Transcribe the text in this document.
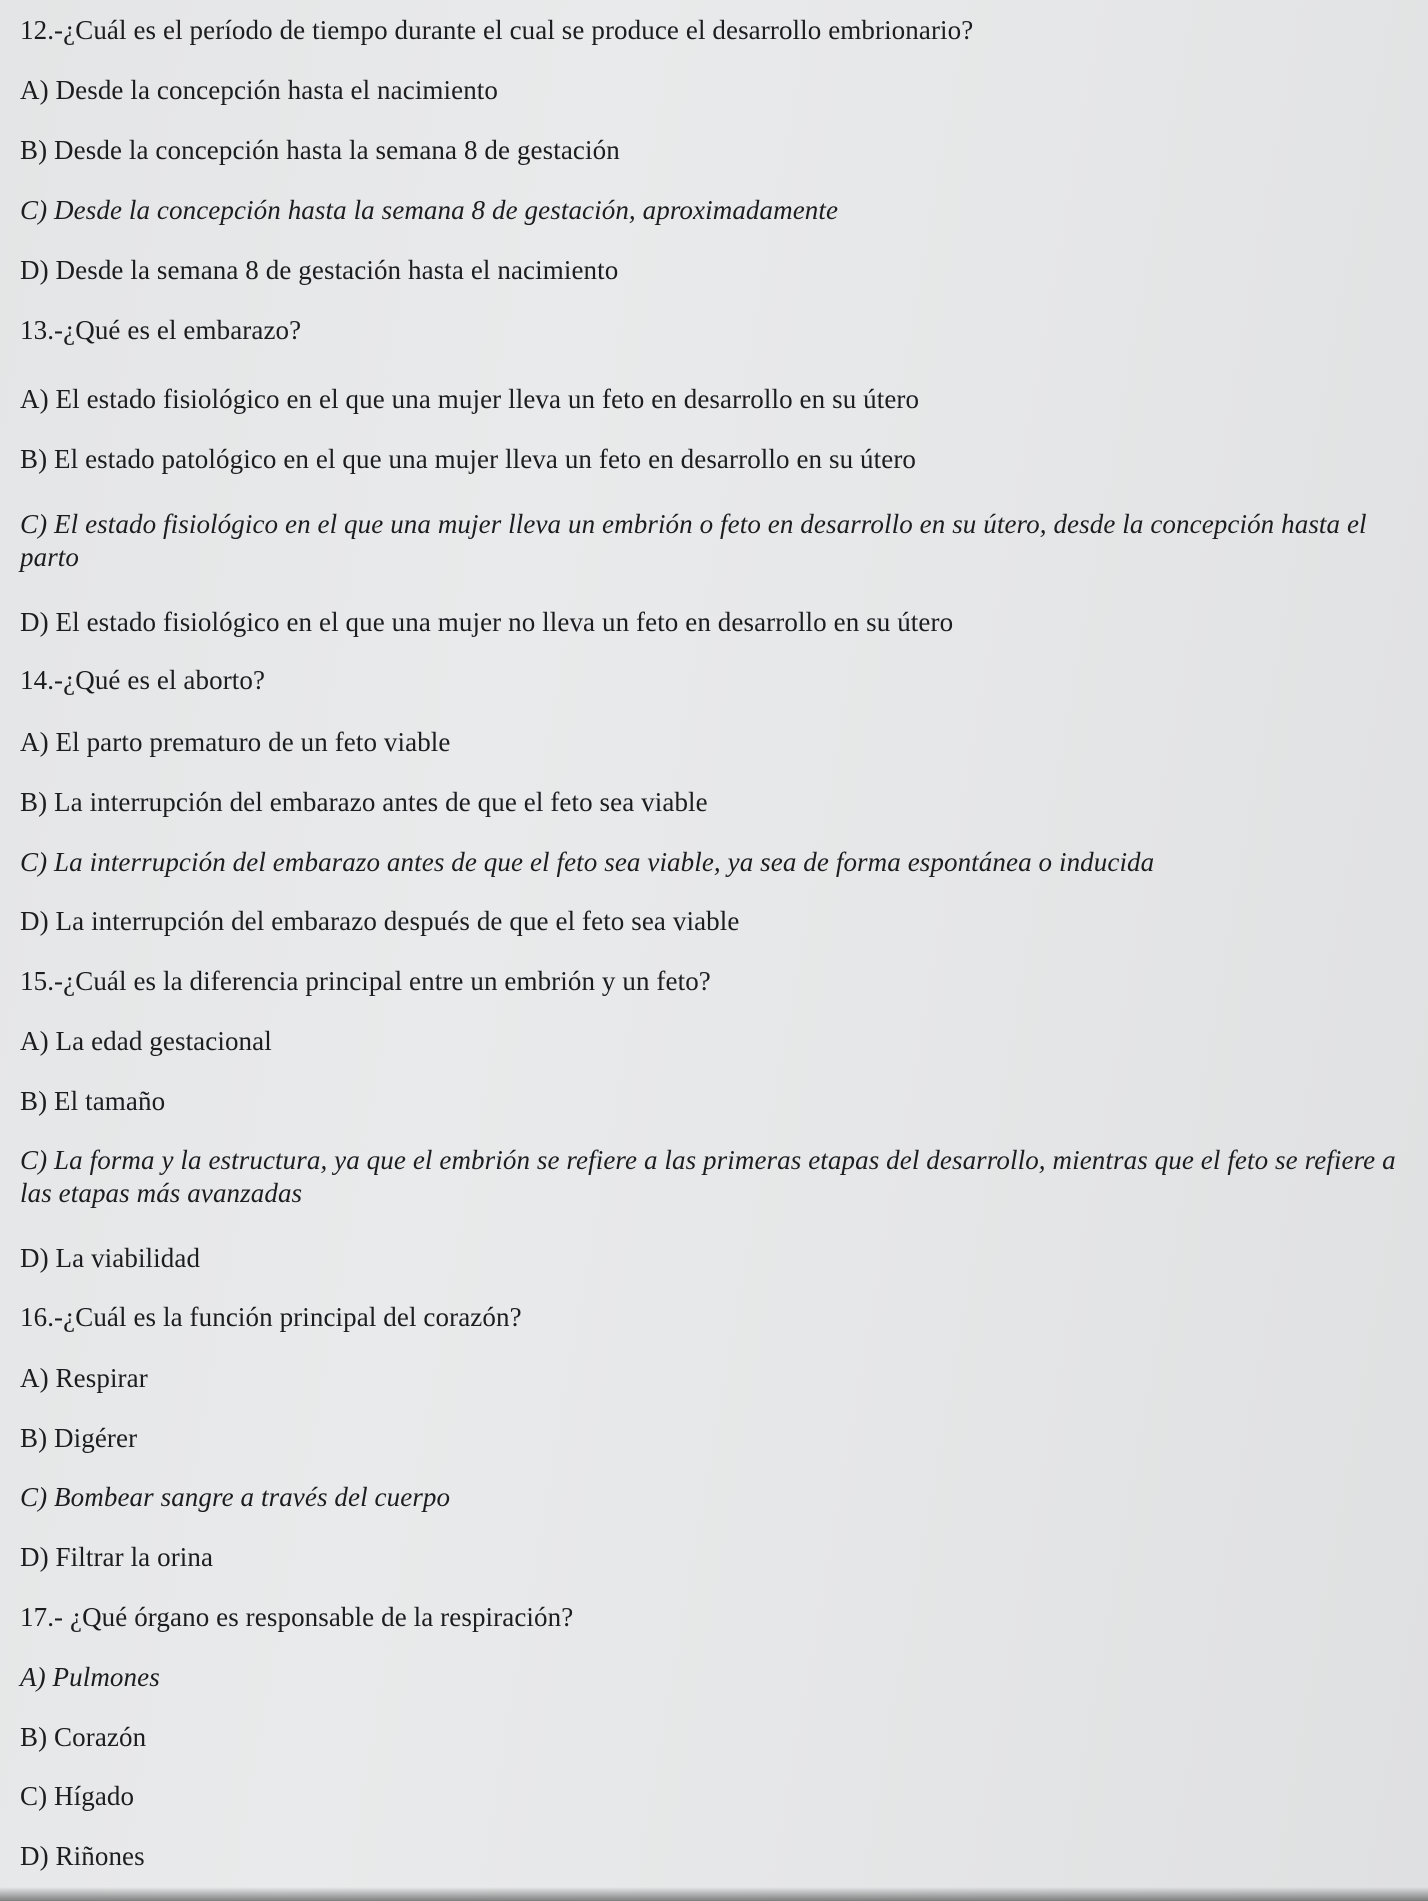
12.-¿Cuál es el período de tiempo durante el cual se produce el desarrollo embrionario?
A) Desde la concepción hasta el nacimiento
B) Desde la concepción hasta la semana 8 de gestación
C) Desde la concepción hasta la semana 8 de gestación, aproximadamente
D) Desde la semana 8 de gestación hasta el nacimiento
13.-¿Qué es el embarazo?
A) El estado fisiológico en el que una mujer lleva un feto en desarrollo en su útero
B) El estado patológico en el que una mujer lleva un feto en desarrollo en su útero
C) El estado fisiológico en el que una mujer lleva un embrión o feto en desarrollo en su útero, desde la concepción hasta el parto
D) El estado fisiológico en el que una mujer no lleva un feto en desarrollo en su útero
14.-¿Qué es el aborto?
A) El parto prematuro de un feto viable
B) La interrupción del embarazo antes de que el feto sea viable
C) La interrupción del embarazo antes de que el feto sea viable, ya sea de forma espontánea o inducida
D) La interrupción del embarazo después de que el feto sea viable
15.-¿Cuál es la diferencia principal entre un embrión y un feto?
A) La edad gestacional
B) El tamaño
C) La forma y la estructura, ya que el embrión se refiere a las primeras etapas del desarrollo, mientras que el feto se refiere a las etapas más avanzadas
D) La viabilidad
16.-¿Cuál es la función principal del corazón?
A) Respirar
B) Digérer
C) Bombear sangre a través del cuerpo
D) Filtrar la orina
17.- ¿Qué órgano es responsable de la respiración?
A) Pulmones
B) Corazón
C) Hígado
D) Riñones
